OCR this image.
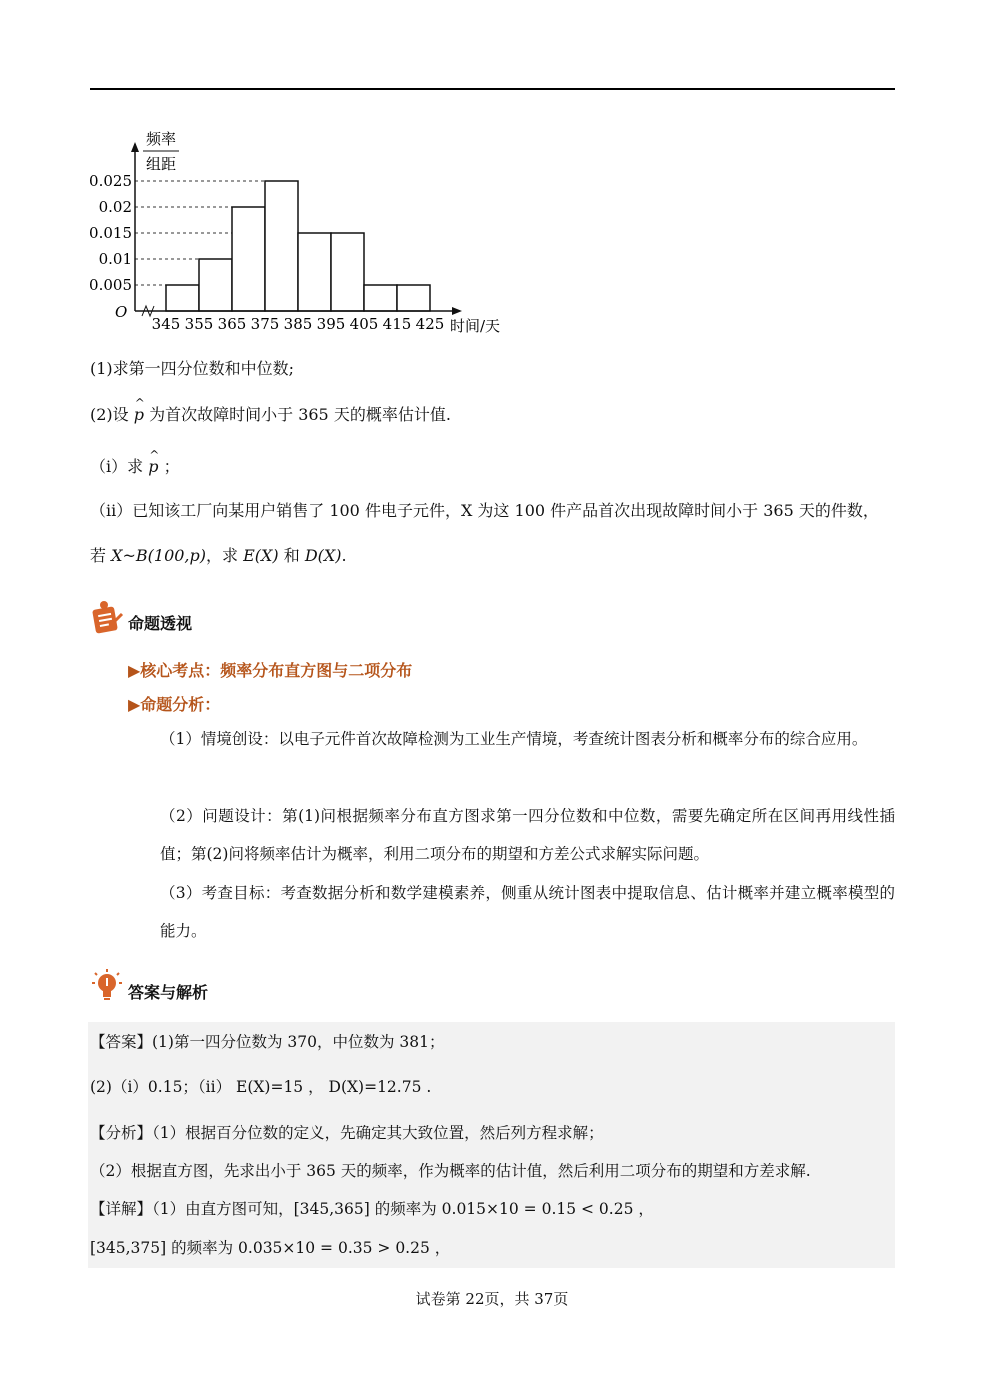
0.005
0.01
0.015
0.02
0.025
345 355 365 375 385 395 405 415 425
O
频率
组距
时间/天
(1)求第一四分位数和中位数;
(2)设 ^ p 为首次故障时间小于 365 天的概率估计值.
（i）求 ^ p ；
（ii）已知该工厂向某用户销售了 100 件电子元件，X 为这 100 件产品首次出现故障时间小于 365 天的件数，
若 X~B(100,p)，求 E(X) 和 D(X).
命题透视
▶核心考点：频率分布直方图与二项分布
▶命题分析：
（1）情境创设：以电子元件首次故障检测为工业生产情境，考查统计图表分析和概率分布的综合应用。
（2）问题设计：第(1)问根据频率分布直方图求第一四分位数和中位数，需要先确定所在区间再用线性插值；第(2)问将频率估计为概率，利用二项分布的期望和方差公式求解实际问题。
（3）考查目标：考查数据分析和数学建模素养，侧重从统计图表中提取信息、估计概率并建立概率模型的能力。
答案与解析
【答案】(1)第一四分位数为 370，中位数为 381；
(2)（i）0.15；（ii） E(X)=15 ， D(X)=12.75 .
【分析】（1）根据百分位数的定义，先确定其大致位置，然后列方程求解；
（2）根据直方图，先求出小于 365 天的频率，作为概率的估计值，然后利用二项分布的期望和方差求解.
【详解】（1）由直方图可知，[345,365] 的频率为 0.015×10 = 0.15 < 0.25 ，
[345,375] 的频率为 0.035×10 = 0.35 > 0.25 ，
试卷第 22页，共 37页
